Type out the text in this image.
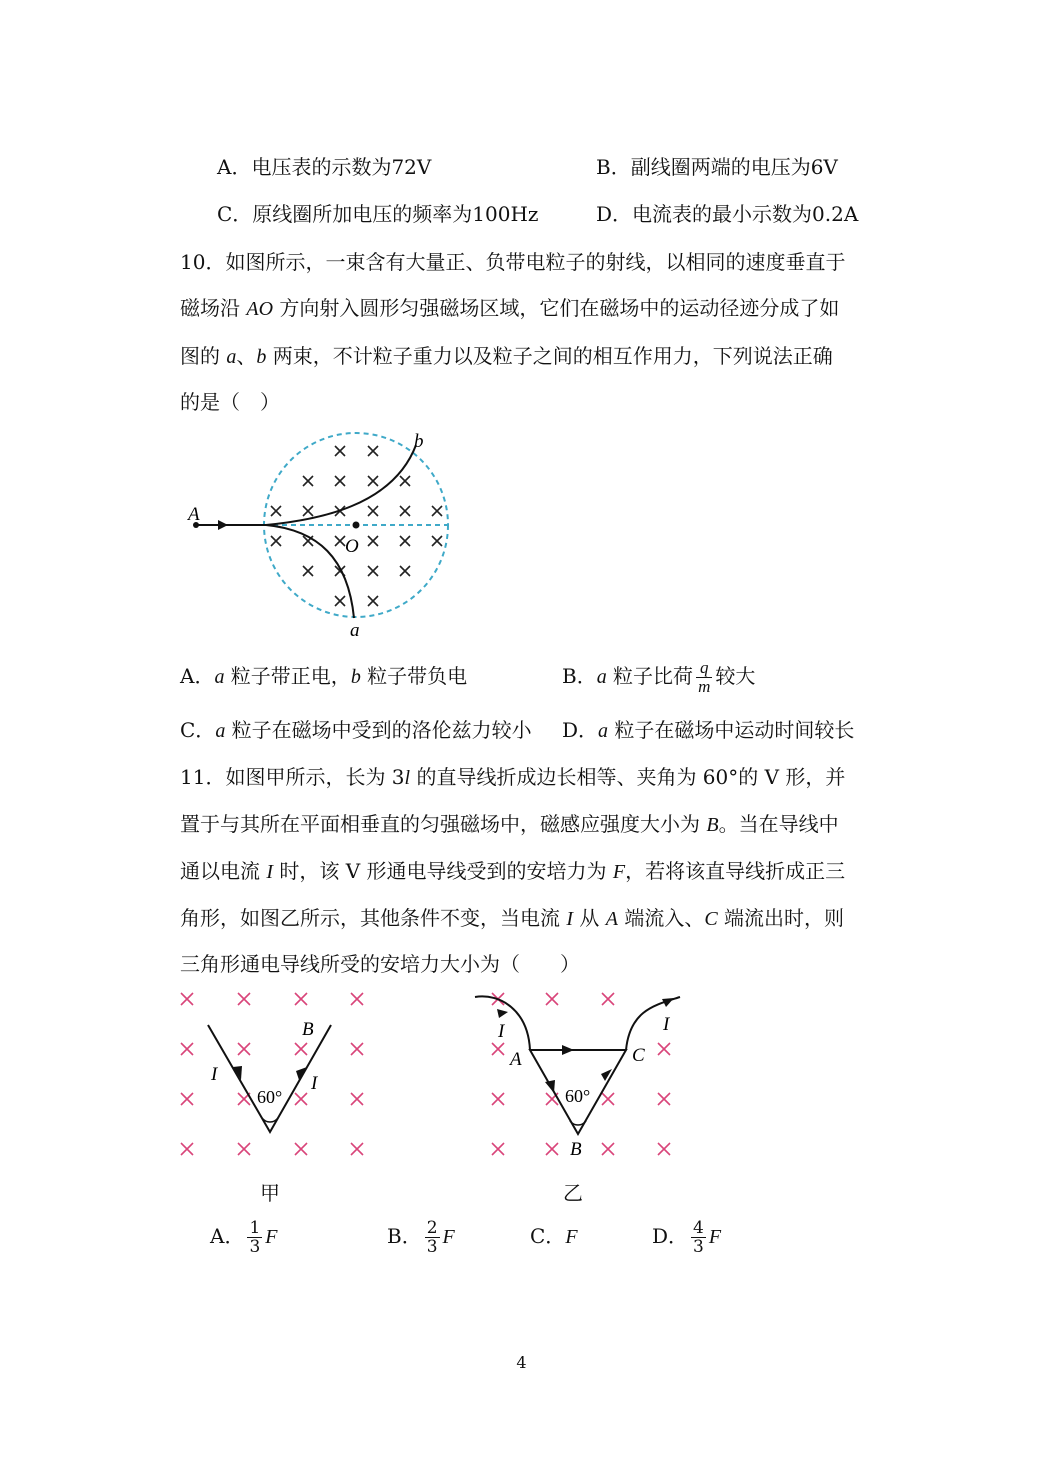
A．电压表的示数为72V	B．副线圈两端的电压为6V
C．原线圈所加电压的频率为100Hz	D．电流表的最小示数为0.2A
10．如图所示，一束含有大量正、负带电粒子的射线，以相同的速度垂直于
磁场沿 AO 方向射入圆形匀强磁场区域，它们在磁场中的运动径迹分成了如
图的 a、b 两束，不计粒子重力以及粒子之间的相互作用力，下列说法正确
的是（　）
A
O
b
a
A．a 粒子带正电，b 粒子带负电	B．a 粒子比荷 $\frac{q}{m}$ 较大
C．a 粒子在磁场中受到的洛伦兹力较小 D．a 粒子在磁场中运动时间较长
11．如图甲所示，长为 3l 的直导线折成边长相等、夹角为 60°的 V 形，并
置于与其所在平面相垂直的匀强磁场中，磁感应强度大小为 B。当在导线中
通以电流 I 时，该 V 形通电导线受到的安培力为 F，若将该直导线折成正三
角形，如图乙所示，其他条件不变，当电流 I 从 A 端流入、C 端流出时，则
三角形通电导线所受的安培力大小为（　　）
I	I
B
60°
甲
I	I
A	C
B
60°
乙
A． $\frac{1}{3}$ F	B． $\frac{2}{3}$ F	C．F	D． $\frac{4}{3}$ F
4
